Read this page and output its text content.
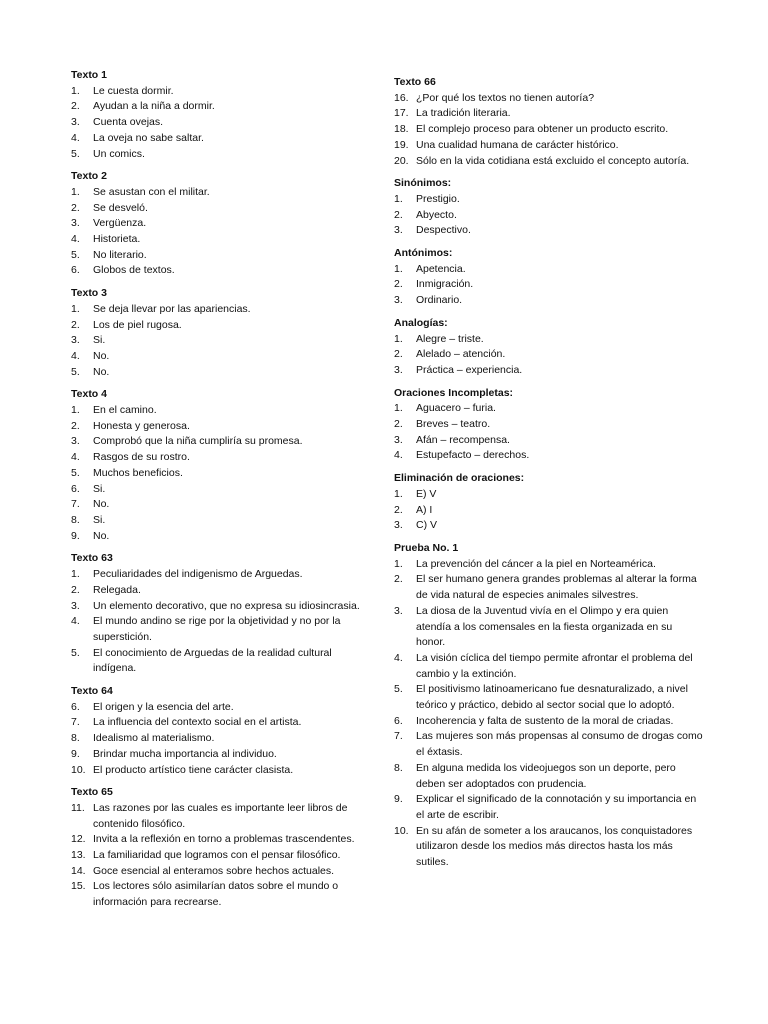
Texto 1
1. Le cuesta dormir.
2. Ayudan a la niña a dormir.
3. Cuenta ovejas.
4. La oveja no sabe saltar.
5. Un comics.
Texto 2
1. Se asustan con el militar.
2. Se desveló.
3. Vergüenza.
4. Historieta.
5. No literario.
6. Globos de textos.
Texto 3
1. Se deja llevar por las apariencias.
2. Los de piel rugosa.
3. Si.
4. No.
5. No.
Texto 4
1. En el camino.
2. Honesta y generosa.
3. Comprobó que la niña cumpliría su promesa.
4. Rasgos de su rostro.
5. Muchos beneficios.
6. Si.
7. No.
8. Si.
9. No.
Texto 63
1. Peculiaridades del indigenismo de Arguedas.
2. Relegada.
3. Un elemento decorativo, que no expresa su idiosincrasia.
4. El mundo andino se rige por la objetividad y no por la superstición.
5. El conocimiento de Arguedas de la realidad cultural indígena.
Texto 64
6. El origen y la esencia del arte.
7. La influencia del contexto social en el artista.
8. Idealismo al materialismo.
9. Brindar mucha importancia al individuo.
10. El producto artístico tiene carácter clasista.
Texto 65
11. Las razones por las cuales es importante leer libros de contenido filosófico.
12. Invita a la reflexión en torno a problemas trascendentes.
13. La familiaridad que logramos con el pensar filosófico.
14. Goce esencial al enteramos sobre hechos actuales.
15. Los lectores sólo asimilarían datos sobre el mundo o información para recrearse.
Texto 66
16. ¿Por qué los textos no tienen autoría?
17. La tradición literaria.
18. El complejo proceso para obtener un producto escrito.
19. Una cualidad humana de carácter histórico.
20. Sólo en la vida cotidiana está excluido el concepto autoría.
Sinónimos:
1. Prestigio.
2. Abyecto.
3. Despectivo.
Antónimos:
1. Apetencia.
2. Inmigración.
3. Ordinario.
Analogías:
1. Alegre – triste.
2. Alelado – atención.
3. Práctica – experiencia.
Oraciones Incompletas:
1. Aguacero – furia.
2. Breves – teatro.
3. Afán – recompensa.
4. Estupefacto – derechos.
Eliminación de oraciones:
1. E) V
2. A) I
3. C) V
Prueba No. 1
1. La prevención del cáncer a la piel en Norteamérica.
2. El ser humano genera grandes problemas al alterar la forma de vida natural de especies animales silvestres.
3. La diosa de la Juventud vivía en el Olimpo y era quien atendía a los comensales en la fiesta organizada en su honor.
4. La visión cíclica del tiempo permite afrontar el problema del cambio y la extinción.
5. El positivismo latinoamericano fue desnaturalizado, a nivel teórico y práctico, debido al sector social que lo adoptó.
6. Incoherencia y falta de sustento de la moral de criadas.
7. Las mujeres son más propensas al consumo de drogas como el éxtasis.
8. En alguna medida los videojuegos son un deporte, pero deben ser adoptados con prudencia.
9. Explicar el significado de la connotación y su importancia en el arte de escribir.
10. En su afán de someter a los araucanos, los conquistadores utilizaron desde los medios más directos hasta los más sutiles.
